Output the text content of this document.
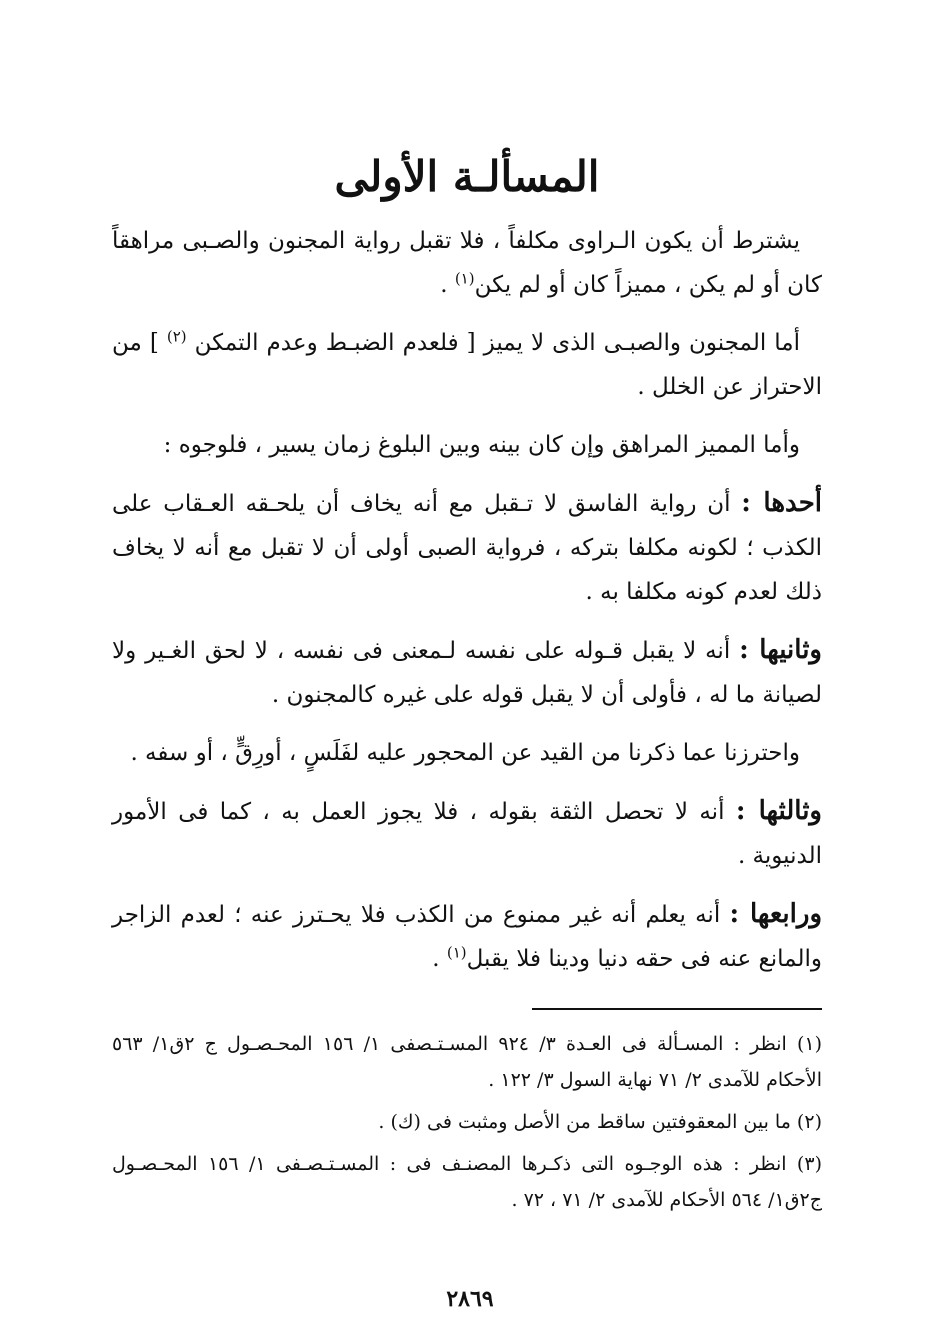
المسألـة الأولى

يشترط أن يكون الـراوى مكلفاً ، فلا تقبل رواية المجنون والصـبى مراهقاً كان أو لم يكن ، مميزاً كان أو لم يكن$^{(١)}$ .

أما المجنون والصبـى الذى لا يميز [ فلعدم الضبـط وعدم التمكن $^{(٢)}$ ] من الاحتراز عن الخلل .

وأما المميز المراهق وإن كان بينه وبين البلوغ زمان يسير ، فلوجوه :

أحدها : أن رواية الفاسق لا تـقبل مع أنه يخاف أن يلحـقه العـقاب على الكذب ؛ لكونه مكلفا بتركه ، فرواية الصبى أولى أن لا تقبل مع أنه لا يخاف ذلك لعدم كونه مكلفا به .

وثانيها : أنه لا يقبل قـوله على نفسه لـمعنى فى نفسه ، لا لحق الغـير ولا لصيانة ما له ، فأولى أن لا يقبل قوله على غيره كالمجنون .

واحترزنا عما ذكرنا من القيد عن المحجور عليه لفَلَسٍ ، أورِقٍّ ، أو سفه .

وثالثها : أنه لا تحصل الثقة بقوله ، فلا يجوز العمل به ، كما فى الأمور الدنيوية .

ورابعها : أنه يعلم أنه غير ممنوع من الكذب فلا يحـترز عنه ؛ لعدم الزاجر والمانع عنه فى حقه دنيا ودينا فلا يقبل$^{(١)}$ .

(١) انظر : المسـألة فى العـدة ٣/ ٩٢٤ المسـتـصفى ١/ ١٥٦ المحـصـول ج ٢ق١/ ٥٦٣ الأحكام للآمدى ٢/ ٧١ نهاية السول ٣/ ١٢٢ .

(٢) ما بين المعقوفتين ساقط من الأصل ومثبت فى (ك) .

(٣) انظر : هذه الوجـوه التى ذكـرها المصنـف فى : المسـتـصـفى ١/ ١٥٦ المحـصـول ج٢ق١/ ٥٦٤ الأحكام للآمدى ٢/ ٧١ ، ٧٢ .

٢٨٦٩
